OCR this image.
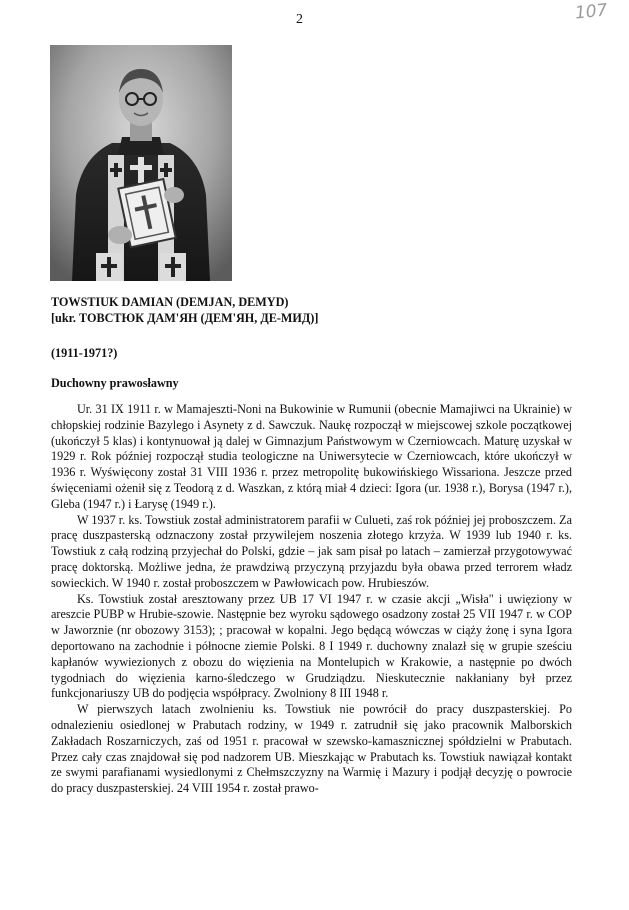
2	107
TOWSTIUK DAMIAN (DEMJAN, DEMYD)
[ukr. ТОВСТЮК ДАМ'ЯН (ДЕМ'ЯН, ДЕ-МИД)]
(1911-1971?)
Duchowny prawosławny

Ur. 31 IX 1911 r. w Mamajeszti-Noni na Bukowinie w Rumunii (obecnie Mamajiwci na Ukrainie) w chłopskiej rodzinie Bazylego i Asynety z d. Sawczuk. Naukę rozpoczął w miejscowej szkole początkowej (ukończył 5 klas) i kontynuował ją dalej w Gimnazjum Państwowym w Czerniowcach. Maturę uzyskał w 1929 r. Rok później rozpoczął studia teologiczne na Uniwersytecie w Czerniowcach, które ukończył w 1936 r. Wyświęcony został 31 VIII 1936 r. przez metropolitę bukowińskiego Wissariona. Jeszcze przed święceniami ożenił się z Teodorą z d. Waszkan, z którą miał 4 dzieci: Igora (ur. 1938 r.), Borysa (1947 r.), Gleba (1947 r.) i Łarysę (1949 r.).

W 1937 r. ks. Towstiuk został administratorem parafii w Culueti, zaś rok później jej proboszczem. Za pracę duszpasterską odznaczony został przywilejem noszenia złotego krzyża. W 1939 lub 1940 r. ks. Towstiuk z całą rodziną przyjechał do Polski, gdzie – jak sam pisał po latach – zamierzał przygotowywać pracę doktorską. Możliwe jedna, że prawdziwą przyczyną przyjazdu była obawa przed terrorem władz sowieckich. W 1940 r. został proboszczem w Pawłowicach pow. Hrubieszów.

Ks. Towstiuk został aresztowany przez UB 17 VI 1947 r. w czasie akcji „Wisła" i uwięziony w areszcie PUBP w Hrubie-szowie. Następnie bez wyroku sądowego osadzony został 25 VII 1947 r. w COP w Jaworznie (nr obozowy 3153); ; pracował w kopalni. Jego będącą wówczas w ciąży żonę i syna Igora deportowano na zachodnie i północne ziemie Polski. 8 I 1949 r. duchowny znalazł się w grupie sześciu kapłanów wywiezionych z obozu do więzienia na Montelupich w Krakowie, a następnie po dwóch tygodniach do więzienia karno-śledczego w Grudziądzu. Nieskutecznie nakłaniany był przez funkcjonariuszy UB do podjęcia współpracy. Zwolniony 8 III 1948 r.

W pierwszych latach zwolnieniu ks. Towstiuk nie powrócił do pracy duszpasterskiej. Po odnalezieniu osiedlonej w Prabutach rodziny, w 1949 r. zatrudnił się jako pracownik Malborskich Zakładach Roszarniczych, zaś od 1951 r. pracował w szewsko-kamasznicznej spółdzielni w Prabutach. Przez cały czas znajdował się pod nadzorem UB. Mieszkając w Prabutach ks. Towstiuk nawiązał kontakt ze swymi parafianami wysiedlonymi z Chełmszczyzny na Warmię i Mazury i podjął decyzję o powrocie do pracy duszpasterskiej. 24 VIII 1954 r. został prawo-
